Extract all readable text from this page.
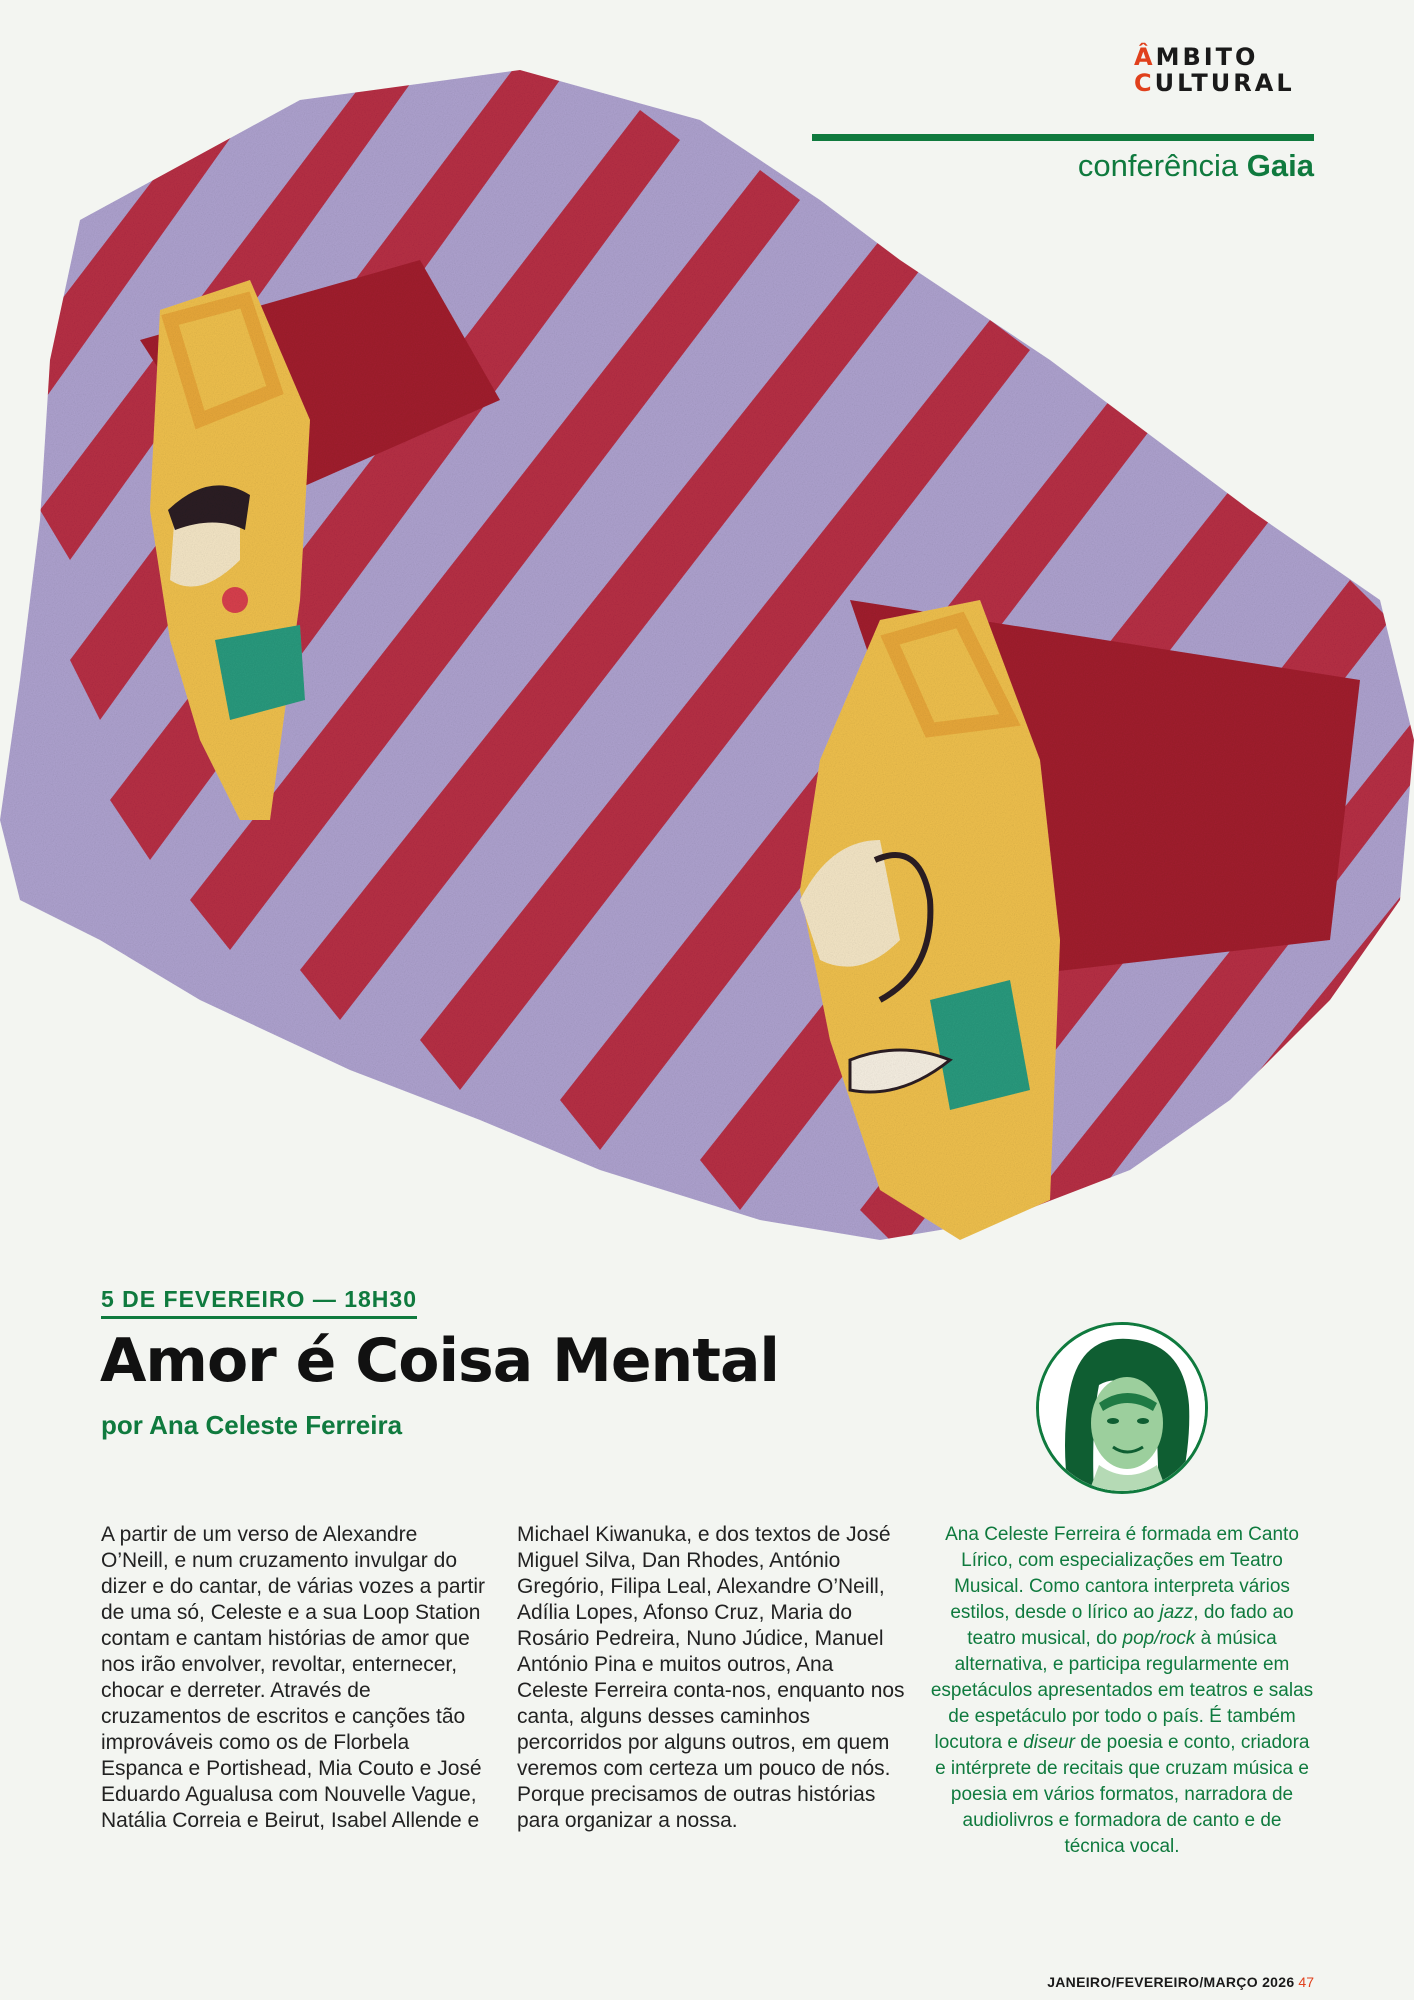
ÂMBITO
CULTURAL
conferência Gaia
5 DE FEVEREIRO — 18H30
Amor é Coisa Mental
por Ana Celeste Ferreira
A partir de um verso de Alexandre O’Neill, e num cruzamento invulgar do dizer e do cantar, de várias vozes a partir de uma só, Celeste e a sua Loop Station contam e cantam histórias de amor que nos irão envolver, revoltar, enternecer, chocar e derreter. Através de cruzamentos de escritos e canções tão improváveis como os de Florbela Espanca e Portishead, Mia Couto e José Eduardo Agualusa com Nouvelle Vague, Natália Correia e Beirut, Isabel Allende e
Michael Kiwanuka, e dos textos de José Miguel Silva, Dan Rhodes, António Gregório, Filipa Leal, Alexandre O’Neill, Adília Lopes, Afonso Cruz, Maria do Rosário Pedreira, Nuno Júdice, Manuel António Pina e muitos outros, Ana Celeste Ferreira conta-nos, enquanto nos canta, alguns desses caminhos percorridos por alguns outros, em quem veremos com certeza um pouco de nós. Porque precisamos de outras histórias para organizar a nossa.
Ana Celeste Ferreira é formada em Canto Lírico, com especializações em Teatro Musical. Como cantora interpreta vários estilos, desde o lírico ao jazz, do fado ao teatro musical, do pop/rock à música alternativa, e participa regularmente em espetáculos apresentados em teatros e salas de espetáculo por todo o país. É também locutora e diseur de poesia e conto, criadora e intérprete de recitais que cruzam música e poesia em vários formatos, narradora de audiolivros e formadora de canto e de técnica vocal.
JANEIRO/FEVEREIRO/MARÇO 2026 47
